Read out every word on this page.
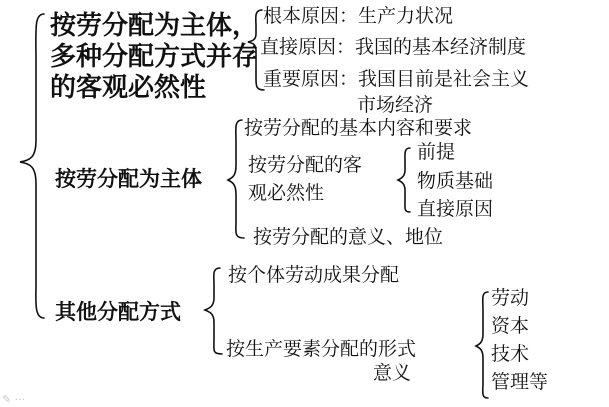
按劳分配为主体，
多种分配方式并存
的客观必然性
根本原因：生产力状况
直接原因：我国的基本经济制度
重要原因：我国目前是社会主义
市场经济
按劳分配为主体
按劳分配的基本内容和要求
按劳分配的客
观必然性
前提
物质基础
直接原因
按劳分配的意义、地位
其他分配方式
按个体劳动成果分配
按生产要素分配的形式
意义
劳动
资本
技术
管理等
✎ ···
